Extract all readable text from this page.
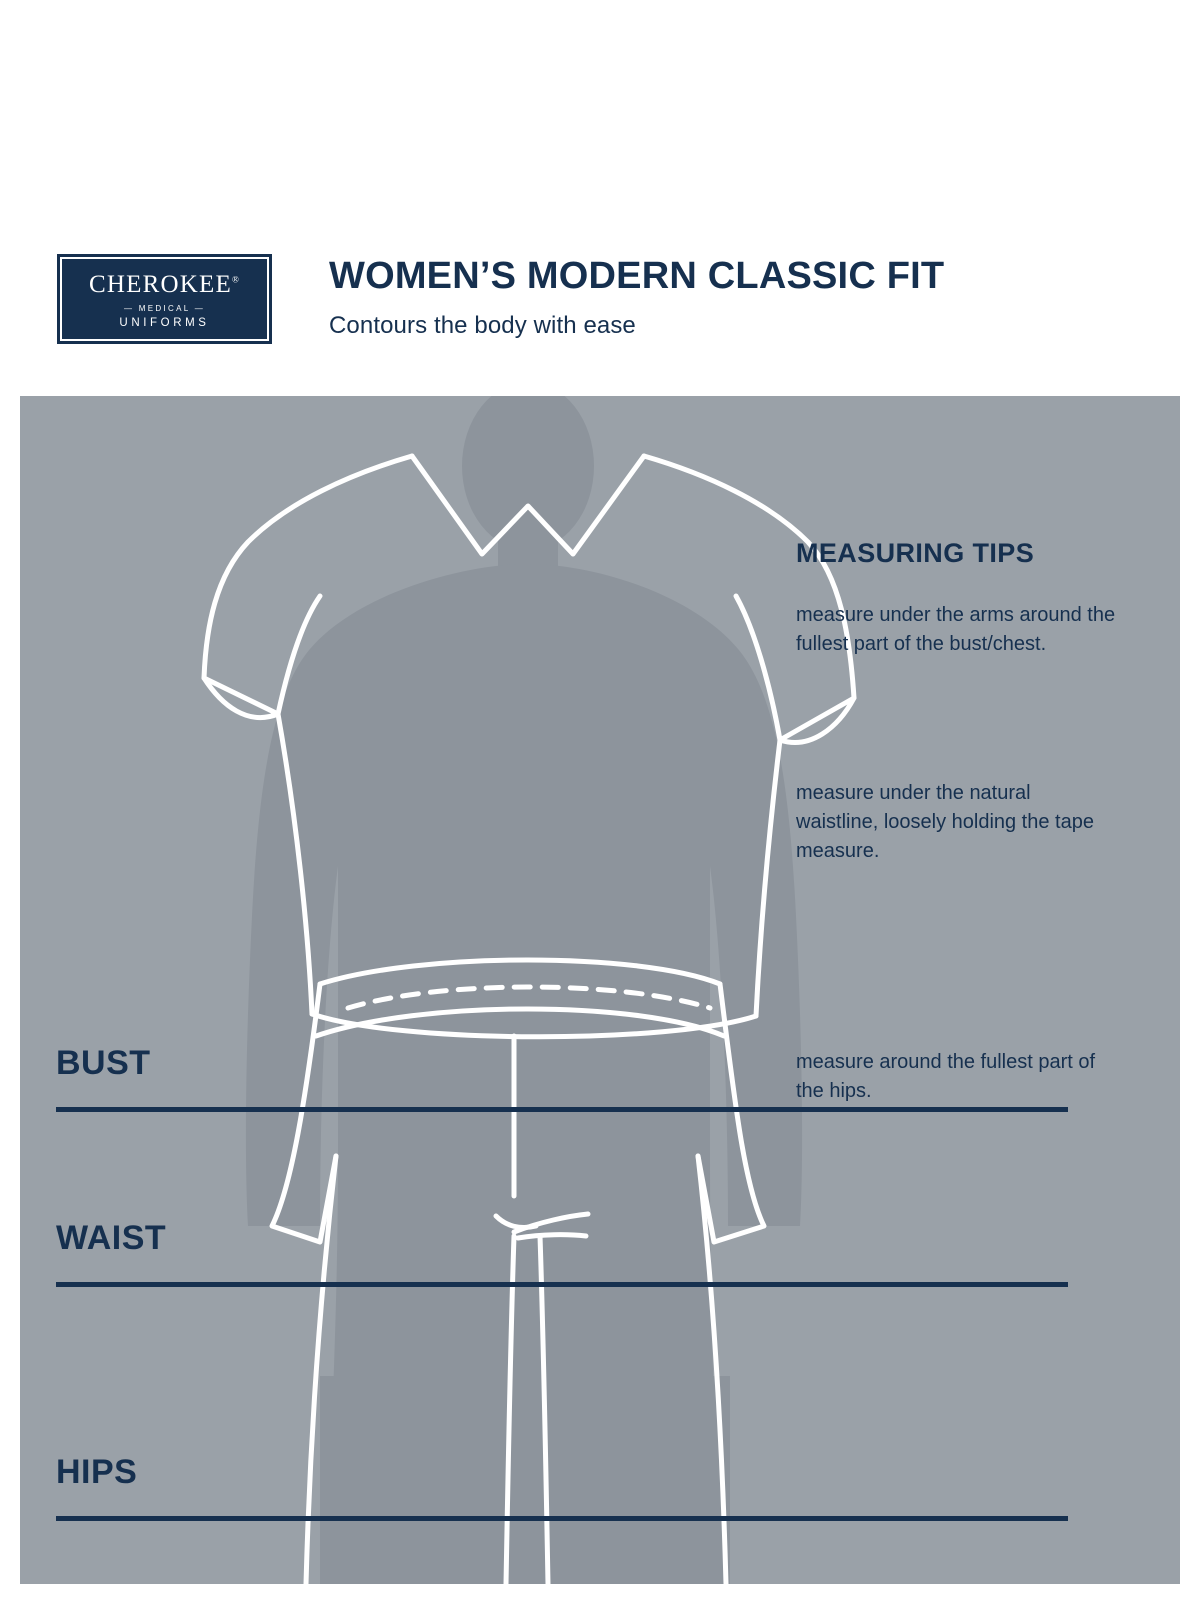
CHEROKEE®
— MEDICAL —
UNIFORMS
WOMEN’S MODERN CLASSIC FIT
Contours the body with ease
BUST
WAIST
HIPS
MEASURING TIPS
measure under the arms around the fullest part of the bust/chest.
measure under the natural waistline, loosely holding the tape measure.
measure around the fullest part of the hips.
